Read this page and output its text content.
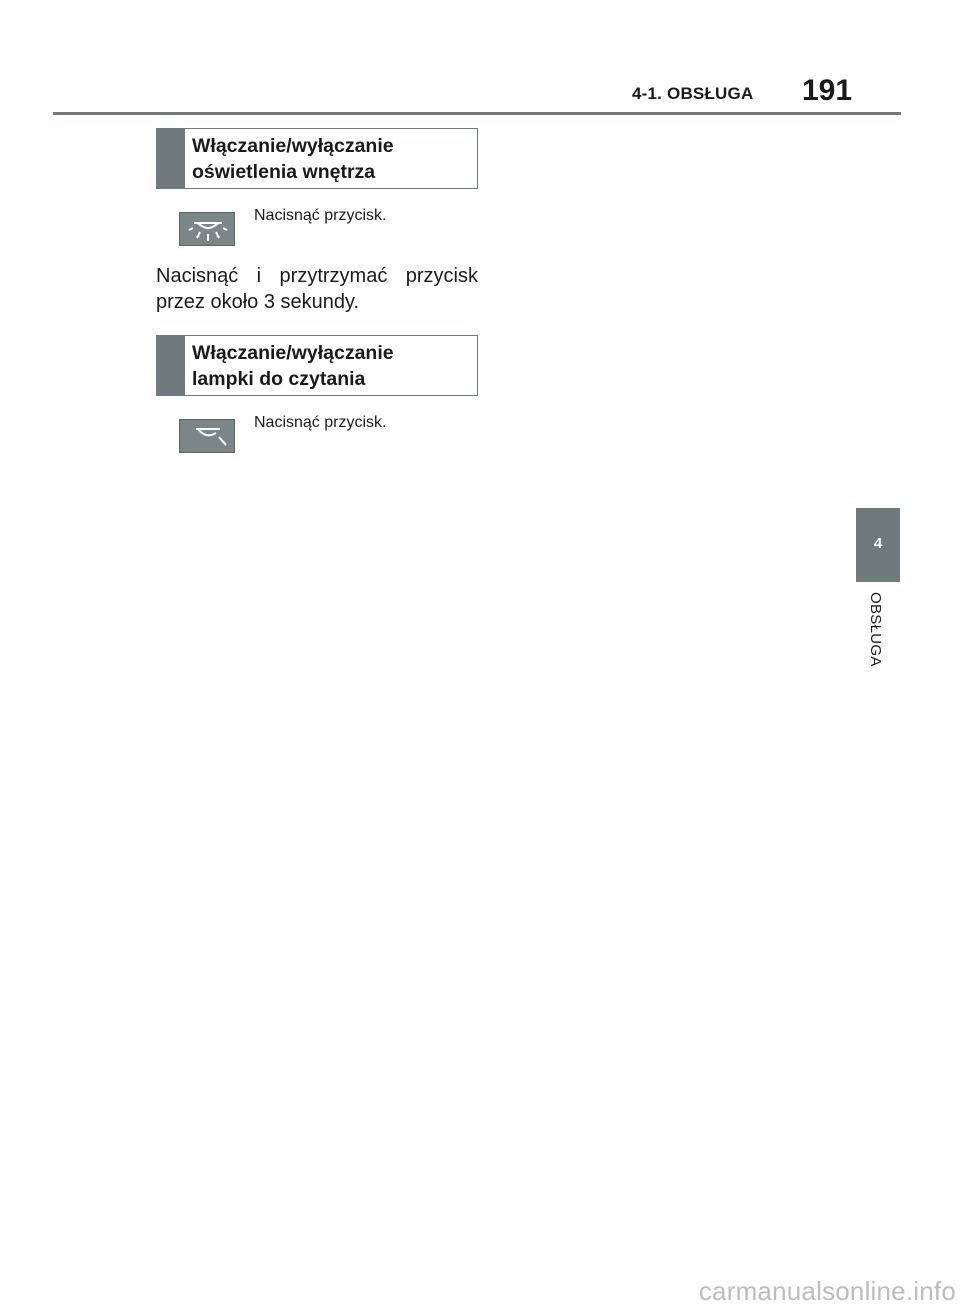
4-1. OBSŁUGA 191
Włączanie/wyłączanie
oświetlenia wnętrza
Nacisnąć przycisk.
Nacisnąć i przytrzymać przycisk przez około 3 sekundy.
Włączanie/wyłączanie
lampki do czytania
Nacisnąć przycisk.
4
OBSŁUGA
carmanualsonline.info
